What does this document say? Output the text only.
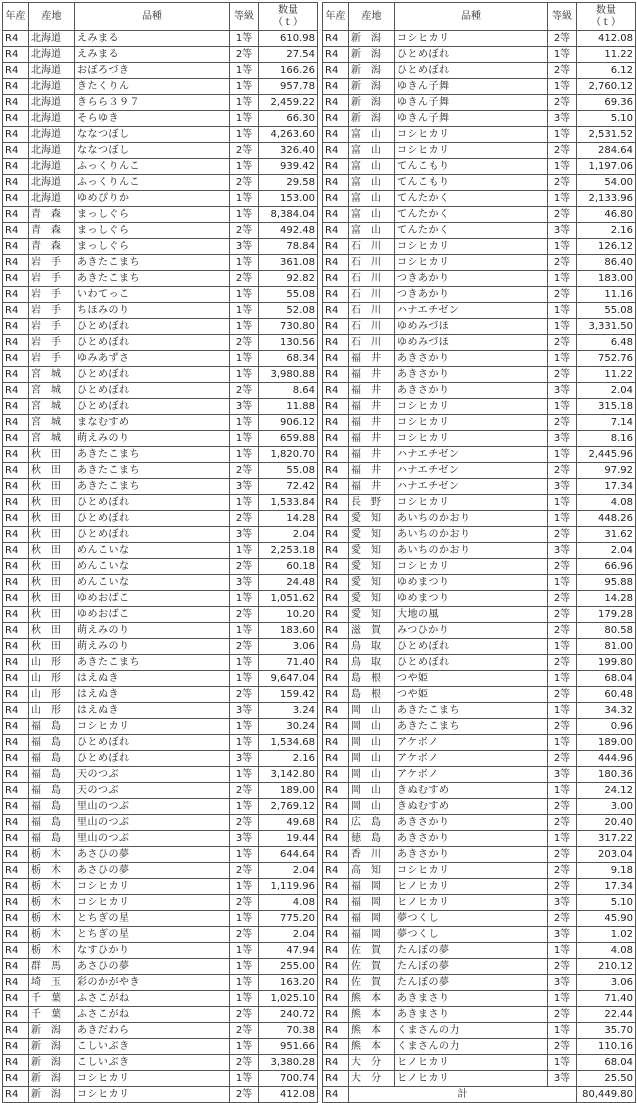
年産	産地	品種	等級	数量
（ｔ）

R4	北海道	えみまる	1等	610.98
R4	北海道	えみまる	2等	27.54
R4	北海道	おぼろづき	1等	166.26
R4	北海道	きたくりん	1等	957.78
R4	北海道	きらら３９７	1等	2,459.22
R4	北海道	そらゆき	1等	66.30
R4	北海道	ななつぼし	1等	4,263.60
R4	北海道	ななつぼし	2等	326.40
R4	北海道	ふっくりんこ	1等	939.42
R4	北海道	ふっくりんこ	2等	29.58
R4	北海道	ゆめぴりか	1等	153.00
R4	青　森	まっしぐら	1等	8,384.04
R4	青　森	まっしぐら	2等	492.48
R4	青　森	まっしぐら	3等	78.84
R4	岩　手	あきたこまち	1等	361.08
R4	岩　手	あきたこまち	2等	92.82
R4	岩　手	いわてっこ	1等	55.08
R4	岩　手	ちほみのり	1等	52.08
R4	岩　手	ひとめぼれ	1等	730.80
R4	岩　手	ひとめぼれ	2等	130.56
R4	岩　手	ゆみあずさ	1等	68.34
R4	宮　城	ひとめぼれ	1等	3,980.88
R4	宮　城	ひとめぼれ	2等	8.64
R4	宮　城	ひとめぼれ	3等	11.88
R4	宮　城	まなむすめ	1等	906.12
R4	宮　城	萌えみのり	1等	659.88
R4	秋　田	あきたこまち	1等	1,820.70
R4	秋　田	あきたこまち	2等	55.08
R4	秋　田	あきたこまち	3等	72.42
R4	秋　田	ひとめぼれ	1等	1,533.84
R4	秋　田	ひとめぼれ	2等	14.28
R4	秋　田	ひとめぼれ	3等	2.04
R4	秋　田	めんこいな	1等	2,253.18
R4	秋　田	めんこいな	2等	60.18
R4	秋　田	めんこいな	3等	24.48
R4	秋　田	ゆめおばこ	1等	1,051.62
R4	秋　田	ゆめおばこ	2等	10.20
R4	秋　田	萌えみのり	1等	183.60
R4	秋　田	萌えみのり	2等	3.06
R4	山　形	あきたこまち	1等	71.40
R4	山　形	はえぬき	1等	9,647.04
R4	山　形	はえぬき	2等	159.42
R4	山　形	はえぬき	3等	3.24
R4	福　島	コシヒカリ	1等	30.24
R4	福　島	ひとめぼれ	1等	1,534.68
R4	福　島	ひとめぼれ	3等	2.16
R4	福　島	天のつぶ	1等	3,142.80
R4	福　島	天のつぶ	2等	189.00
R4	福　島	里山のつぶ	1等	2,769.12
R4	福　島	里山のつぶ	2等	49.68
R4	福　島	里山のつぶ	3等	19.44
R4	栃　木	あさひの夢	1等	644.64
R4	栃　木	あさひの夢	2等	2.04
R4	栃　木	コシヒカリ	1等	1,119.96
R4	栃　木	コシヒカリ	2等	4.08
R4	栃　木	とちぎの星	1等	775.20
R4	栃　木	とちぎの星	2等	2.04
R4	栃　木	なすひかり	1等	47.94
R4	群　馬	あさひの夢	1等	255.00
R4	埼　玉	彩のかがやき	1等	163.20
R4	千　葉	ふさこがね	1等	1,025.10
R4	千　葉	ふさこがね	2等	240.72
R4	新　潟	あきだわら	2等	70.38
R4	新　潟	こしいぶき	1等	951.66
R4	新　潟	こしいぶき	2等	3,380.28
R4	新　潟	コシヒカリ	1等	700.74
R4	新　潟	コシヒカリ	2等	412.08
年産	産地	品種	等級	数量
（ｔ）

R4	新　潟	コシヒカリ	2等	412.08
R4	新　潟	ひとめぼれ	1等	11.22
R4	新　潟	ひとめぼれ	2等	6.12
R4	新　潟	ゆきん子舞	1等	2,760.12
R4	新　潟	ゆきん子舞	2等	69.36
R4	新　潟	ゆきん子舞	3等	5.10
R4	富　山	コシヒカリ	1等	2,531.52
R4	富　山	コシヒカリ	2等	284.64
R4	富　山	てんこもり	1等	1,197.06
R4	富　山	てんこもり	2等	54.00
R4	富　山	てんたかく	1等	2,133.96
R4	富　山	てんたかく	2等	46.80
R4	富　山	てんたかく	3等	2.16
R4	石　川	コシヒカリ	1等	126.12
R4	石　川	コシヒカリ	2等	86.40
R4	石　川	つきあかり	1等	183.00
R4	石　川	つきあかり	2等	11.16
R4	石　川	ハナエチゼン	1等	55.08
R4	石　川	ゆめみづほ	1等	3,331.50
R4	石　川	ゆめみづほ	2等	6.48
R4	福　井	あきさかり	1等	752.76
R4	福　井	あきさかり	2等	11.22
R4	福　井	あきさかり	3等	2.04
R4	福　井	コシヒカリ	1等	315.18
R4	福　井	コシヒカリ	2等	7.14
R4	福　井	コシヒカリ	3等	8.16
R4	福　井	ハナエチゼン	1等	2,445.96
R4	福　井	ハナエチゼン	2等	97.92
R4	福　井	ハナエチゼン	3等	17.34
R4	長　野	コシヒカリ	1等	4.08
R4	愛　知	あいちのかおり	1等	448.26
R4	愛　知	あいちのかおり	2等	31.62
R4	愛　知	あいちのかおり	3等	2.04
R4	愛　知	コシヒカリ	2等	66.96
R4	愛　知	ゆめまつり	1等	95.88
R4	愛　知	ゆめまつり	2等	14.28
R4	愛　知	大地の風	2等	179.28
R4	滋　賀	みつひかり	2等	80.58
R4	鳥　取	ひとめぼれ	1等	81.00
R4	鳥　取	ひとめぼれ	2等	199.80
R4	島　根	つや姫	1等	68.04
R4	島　根	つや姫	2等	60.48
R4	岡　山	あきたこまち	1等	34.32
R4	岡　山	あきたこまち	2等	0.96
R4	岡　山	アケボノ	1等	189.00
R4	岡　山	アケボノ	2等	444.96
R4	岡　山	アケボノ	3等	180.36
R4	岡　山	きぬむすめ	1等	24.12
R4	岡　山	きぬむすめ	2等	3.00
R4	広　島	あきさかり	2等	20.40
R4	徳　島	あきさかり	1等	317.22
R4	香　川	あきさかり	2等	203.04
R4	高　知	コシヒカリ	2等	9.18
R4	福　岡	ヒノヒカリ	2等	17.34
R4	福　岡	ヒノヒカリ	3等	5.10
R4	福　岡	夢つくし	2等	45.90
R4	福　岡	夢つくし	3等	1.02
R4	佐　賀	たんぼの夢	1等	4.08
R4	佐　賀	たんぼの夢	2等	210.12
R4	佐　賀	たんぼの夢	3等	3.06
R4	熊　本	あきまさり	1等	71.40
R4	熊　本	あきまさり	2等	22.44
R4	熊　本	くまさんの力	1等	35.70
R4	熊　本	くまさんの力	2等	110.16
R4	大　分	ヒノヒカリ	1等	68.04
R4	大　分	ヒノヒカリ	3等	25.50
R4	計			80,449.80
